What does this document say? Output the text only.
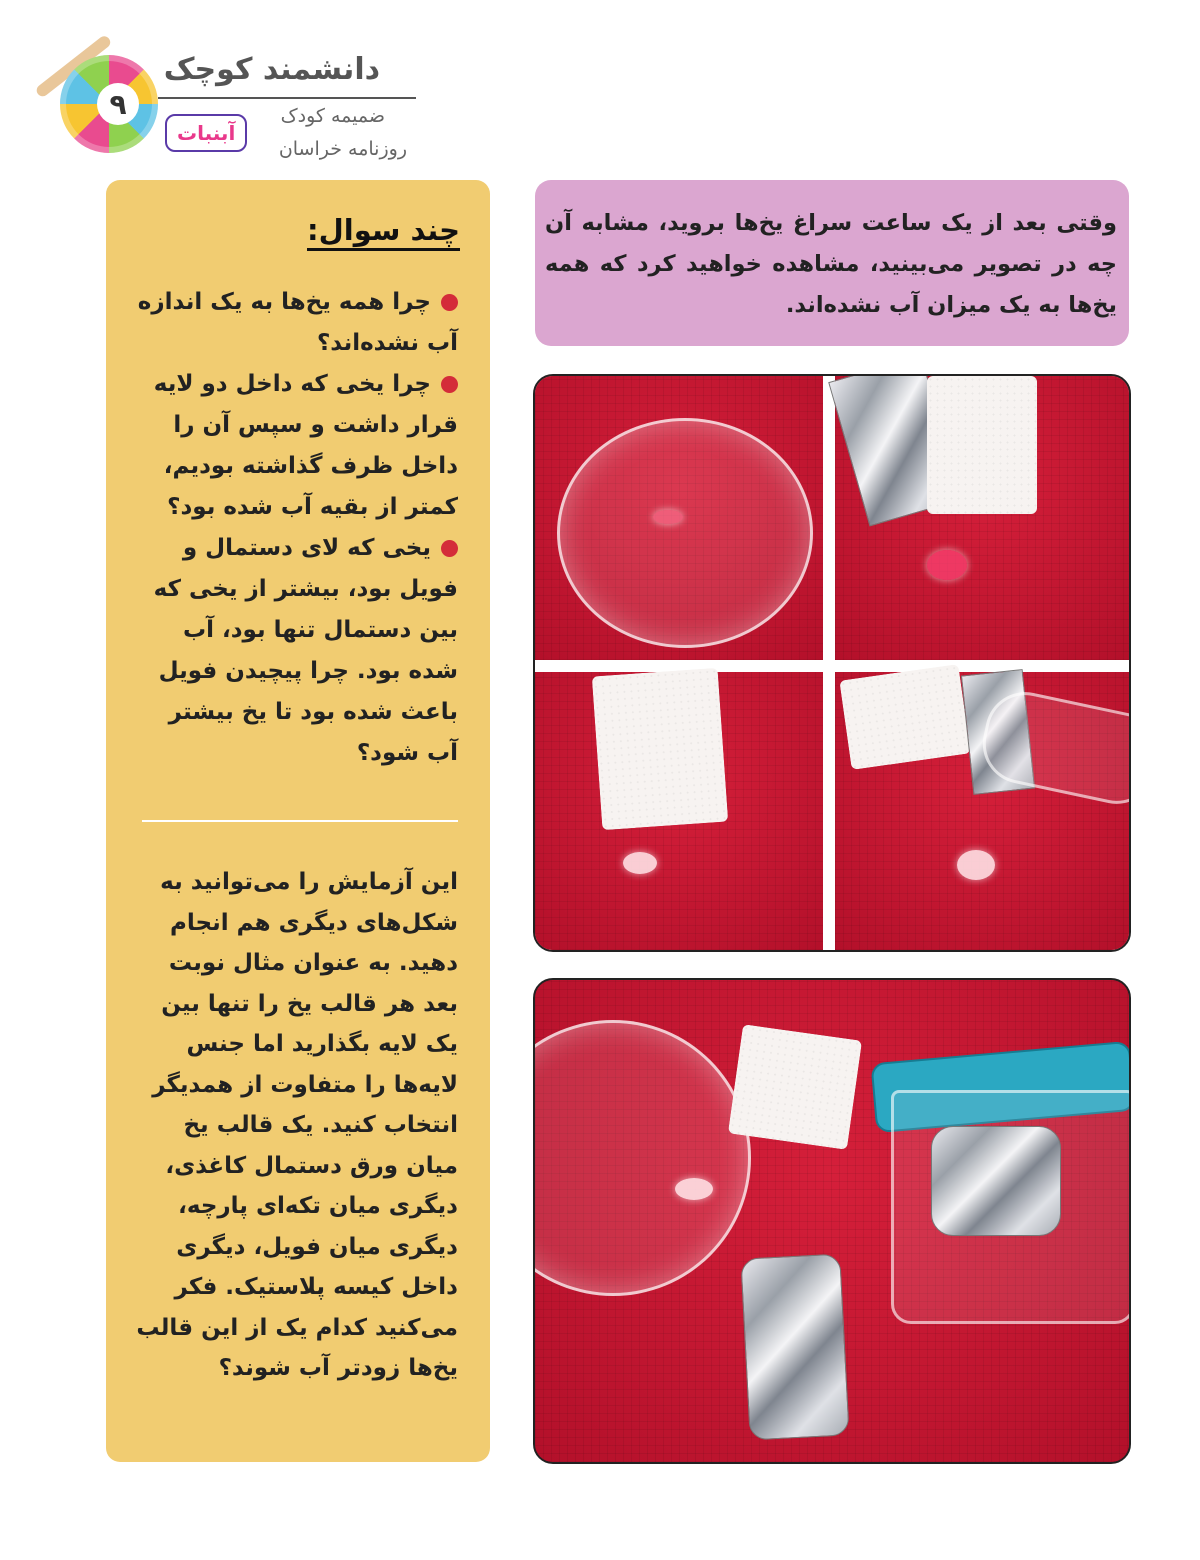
۹
دانشمند کوچک
ضمیمه کودک
روزنامه خراسان
آبنبات
چند سوال:
چرا همه یخ‌ها به یک اندازه آب نشده‌اند؟
چرا یخی که داخل دو لایه قرار داشت و سپس آن را داخل ظرف گذاشته بودیم، کمتر از بقیه آب شده بود؟
یخی که لای دستمال و فویل بود، بیشتر از یخی که بین دستمال تنها بود، آب شده بود. چرا پیچیدن فویل باعث شده بود تا یخ بیشتر آب شود؟
این آزمایش را می‌توانید به شکل‌های دیگری هم انجام دهید. به عنوان مثال نوبت بعد هر قالب یخ را تنها بین یک لایه بگذارید اما جنس لایه‌ها را متفاوت از همدیگر انتخاب کنید. یک قالب یخ میان ورق دستمال کاغذی، دیگری میان تکه‌ای پارچه، دیگری میان فویل، دیگری داخل کیسه پلاستیک. فکر می‌کنید کدام یک از این قالب یخ‌ها زودتر آب شوند؟
وقتی بعد از یک ساعت سراغ یخ‌ها بروید، مشابه آن چه در تصویر می‌بینید، مشاهده خواهید کرد که همه یخ‌ها به یک میزان آب نشده‌اند.
